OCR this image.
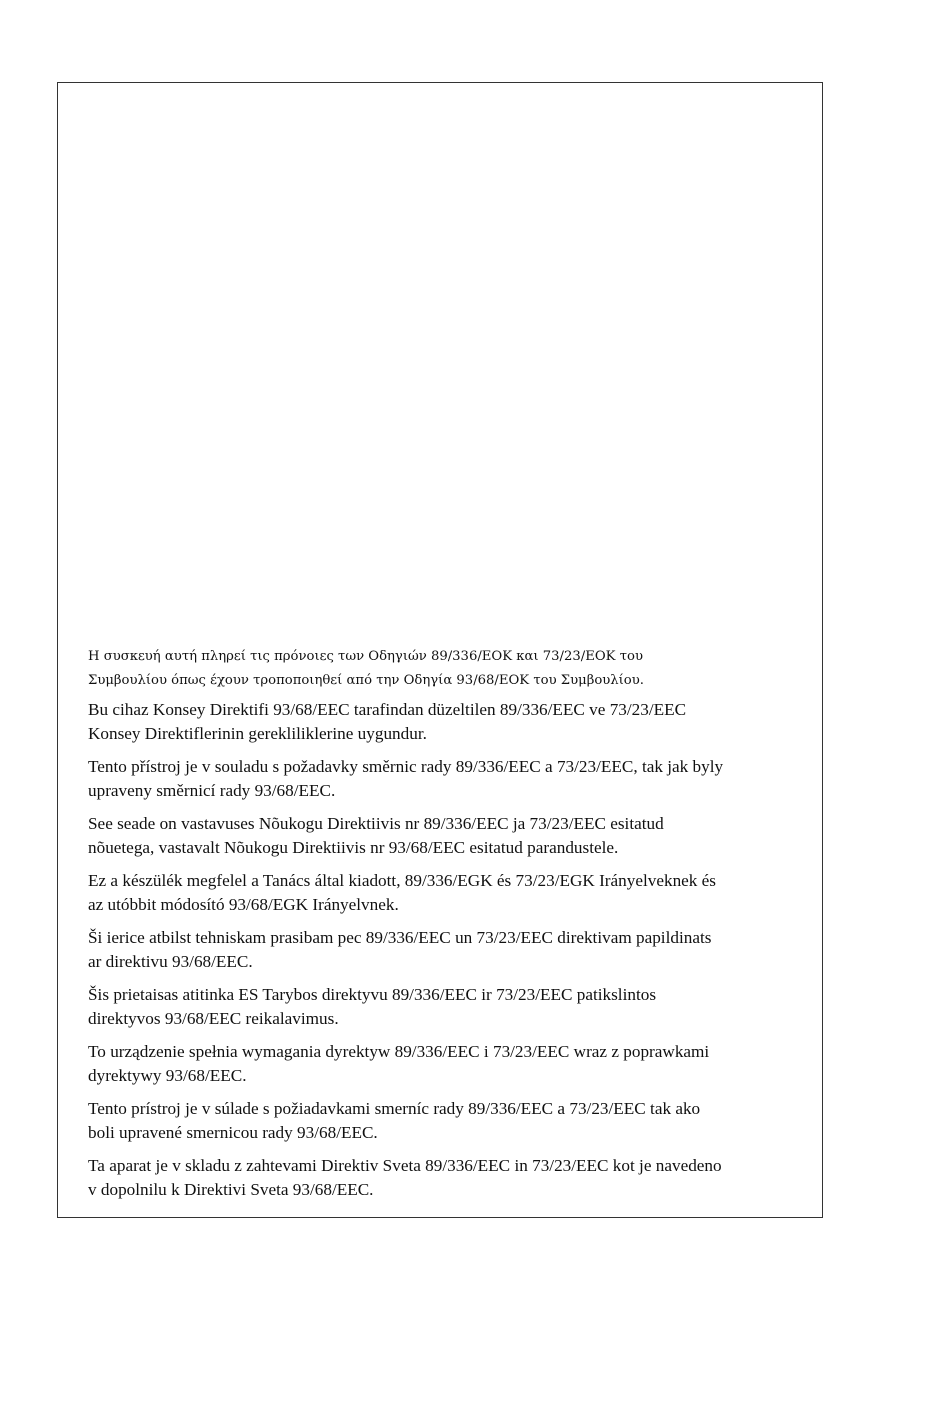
Η συσκευή αυτή πληρεί τις πρόνοιες των Οδηγιών 89/336/ΕΟΚ και 73/23/ΕΟΚ του
Συμβουλίου όπως έχουν τροποποιηθεί από την Οδηγία 93/68/ΕΟΚ του Συμβουλίου.

Bu cihaz Konsey Direktifi 93/68/EEC tarafindan düzeltilen 89/336/EEC ve 73/23/EEC
Konsey Direktiflerinin gerekliliklerine uygundur.

Tento přístroj je v souladu s požadavky směrnic rady 89/336/EEC a 73/23/EEC, tak jak byly
upraveny směrnicí rady 93/68/EEC.

See seade on vastavuses Nõukogu Direktiivis nr 89/336/EEC ja 73/23/EEC esitatud
nõuetega, vastavalt Nõukogu Direktiivis nr 93/68/EEC esitatud parandustele.

Ez a készülék megfelel a Tanács által kiadott, 89/336/EGK és 73/23/EGK Irányelveknek és
az utóbbit módosító 93/68/EGK Irányelvnek.

Ši ierice atbilst tehniskam prasibam pec 89/336/EEC un 73/23/EEC direktivam papildinats
ar direktivu 93/68/EEC.

Šis prietaisas atitinka ES Tarybos direktyvu 89/336/EEC ir 73/23/EEC patikslintos
direktyvos 93/68/EEC reikalavimus.

To urządzenie spełnia wymagania dyrektyw 89/336/EEC i 73/23/EEC wraz z poprawkami
dyrektywy 93/68/EEC.

Tento prístroj je v súlade s požiadavkami smerníc rady 89/336/EEC a 73/23/EEC tak ako
boli upravené smernicou rady 93/68/EEC.

Ta aparat je v skladu z zahtevami Direktiv Sveta 89/336/EEC in 73/23/EEC kot je navedeno
v dopolnilu k Direktivi Sveta 93/68/EEC.
